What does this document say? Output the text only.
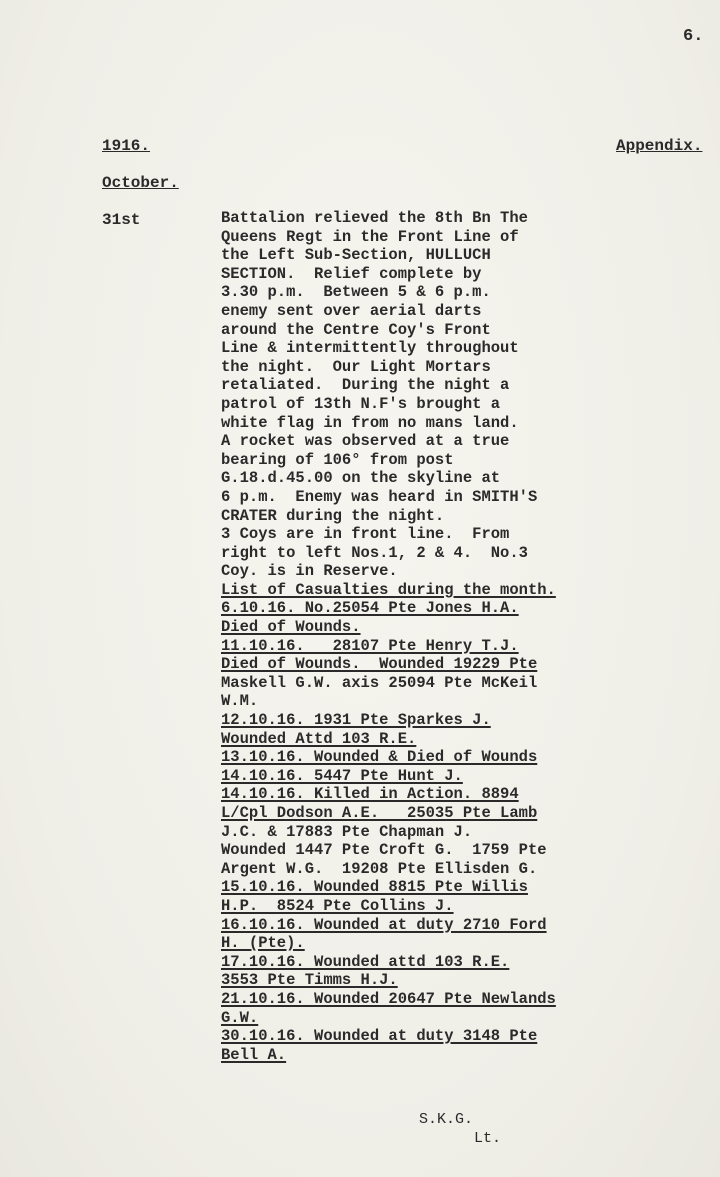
6.
1916.	Appendix.
October.
31st	Battalion relieved the 8th Bn The
Queens Regt in the Front Line of
the Left Sub-Section, HULLUCH
SECTION.  Relief complete by
3.30 p.m.  Between 5 & 6 p.m.
enemy sent over aerial darts
around the Centre Coy's Front
Line & intermittently throughout
the night.  Our Light Mortars
retaliated.  During the night a
patrol of 13th N.F's brought a
white flag in from no mans land.
A rocket was observed at a true
bearing of 106° from post
G.18.d.45.00 on the skyline at
6 p.m.  Enemy was heard in SMITH'S
CRATER during the night.
3 Coys are in front line.  From
right to left Nos.1, 2 & 4.  No.3
Coy. is in Reserve.
List of Casualties during the month.
6.10.16. No.25054 Pte Jones H.A.
Died of Wounds.
11.10.16.   28107 Pte Henry T.J.
Died of Wounds.  Wounded 19229 Pte
Maskell G.W. axis 25094 Pte McKeil
W.M.
12.10.16. 1931 Pte Sparkes J.
Wounded Attd 103 R.E.
13.10.16. Wounded & Died of Wounds
14.10.16. 5447 Pte Hunt J.
14.10.16. Killed in Action. 8894
L/Cpl Dodson A.E.   25035 Pte Lamb
J.C. & 17883 Pte Chapman J.
Wounded 1447 Pte Croft G.  1759 Pte
Argent W.G.  19208 Pte Ellisden G.
15.10.16. Wounded 8815 Pte Willis
H.P.  8524 Pte Collins J.
16.10.16. Wounded at duty 2710 Ford
H. (Pte).
17.10.16. Wounded attd 103 R.E.
3553 Pte Timms H.J.
21.10.16. Wounded 20647 Pte Newlands
G.W.
30.10.16. Wounded at duty 3148 Pte
Bell A.
S.K.G.
Lt.
